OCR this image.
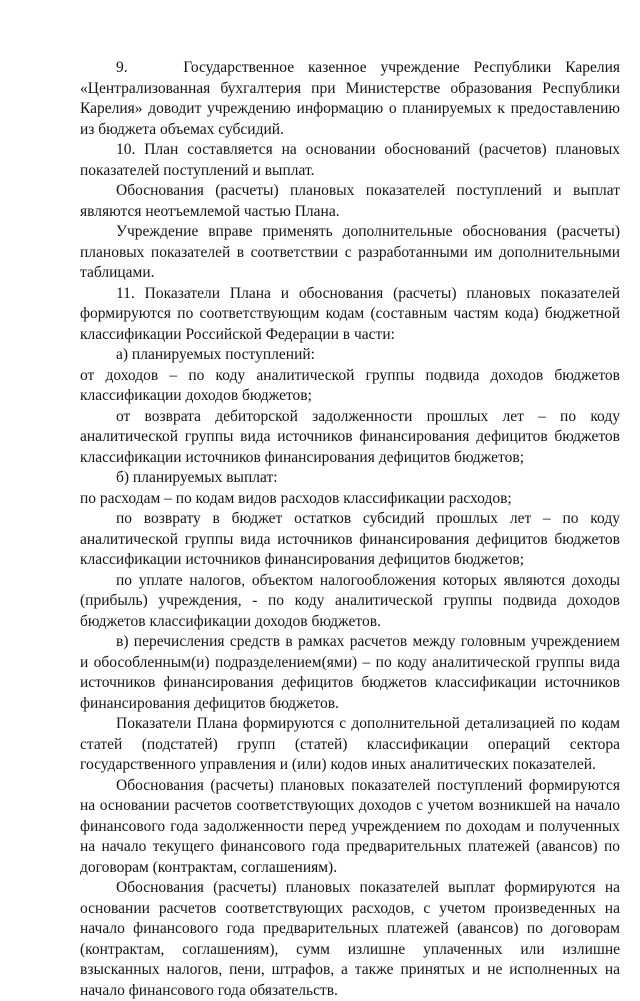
9.    Государственное казенное учреждение Республики Карелия «Централизованная бухгалтерия при Министерстве образования Республики Карелия» доводит учреждению информацию о планируемых к предоставлению из бюджета объемах субсидий.

10. План составляется на основании обоснований (расчетов) плановых показателей поступлений и выплат.

Обоснования (расчеты) плановых показателей поступлений и выплат являются неотъемлемой частью Плана.

Учреждение вправе применять дополнительные обоснования (расчеты) плановых показателей в соответствии с разработанными им дополнительными таблицами.

11. Показатели Плана и обоснования (расчеты) плановых показателей формируются по соответствующим кодам (составным частям кода) бюджетной классификации Российской Федерации в части:

а) планируемых поступлений:

от доходов – по коду аналитической группы подвида доходов бюджетов классификации доходов бюджетов;

от возврата дебиторской задолженности прошлых лет – по коду аналитической группы вида источников финансирования дефицитов бюджетов классификации источников финансирования дефицитов бюджетов;

б) планируемых выплат:

по расходам – по кодам видов расходов классификации расходов;

по возврату в бюджет остатков субсидий прошлых лет – по коду аналитической группы вида источников финансирования дефицитов бюджетов классификации источников финансирования дефицитов бюджетов;

по уплате налогов, объектом налогообложения которых являются доходы (прибыль) учреждения, - по коду аналитической группы подвида доходов бюджетов классификации доходов бюджетов.

в) перечисления средств в рамках расчетов между головным учреждением и обособленным(и) подразделением(ями) – по коду аналитической группы вида источников финансирования дефицитов бюджетов классификации источников финансирования дефицитов бюджетов.

Показатели Плана формируются с дополнительной детализацией по кодам статей (подстатей) групп (статей) классификации операций сектора государственного управления и (или) кодов иных аналитических показателей.

Обоснования (расчеты) плановых показателей поступлений формируются на основании расчетов соответствующих доходов с учетом возникшей на начало финансового года задолженности перед учреждением по доходам и полученных на начало текущего финансового года предварительных платежей (авансов) по договорам (контрактам, соглашениям).

Обоснования (расчеты) плановых показателей выплат формируются на основании расчетов соответствующих расходов, с учетом произведенных на начало финансового года предварительных платежей (авансов) по договорам (контрактам, соглашениям), сумм излишне уплаченных или излишне взысканных налогов, пени, штрафов, а также принятых и не исполненных на начало финансового года обязательств.
